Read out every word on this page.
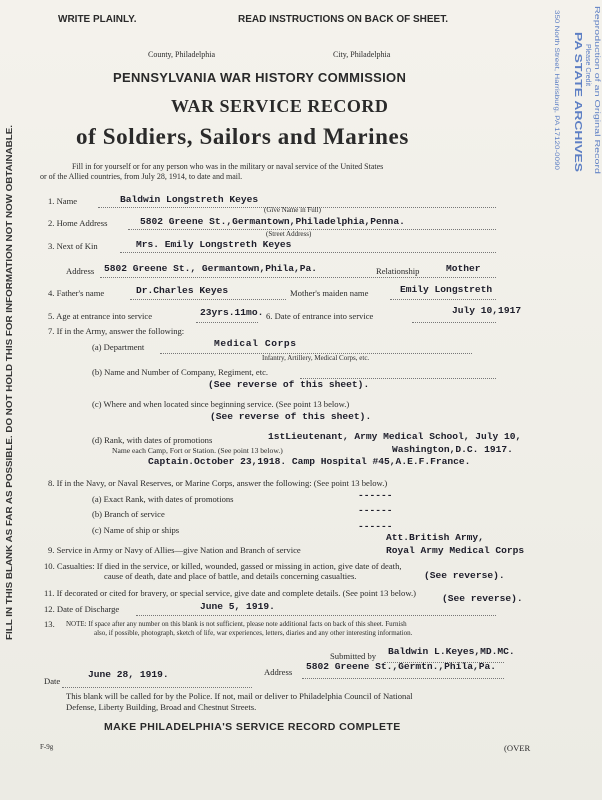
FILL IN THIS BLANK AS FAR AS POSSIBLE. DO NOT HOLD THIS FOR INFORMATION NOT NOW OBTAINABLE.
Reproduction of an Original Record
Please Credit
PA STATE ARCHIVES
350 North Street, Harrisburg, PA 17120-0090
WRITE PLAINLY.	READ INSTRUCTIONS ON BACK OF SHEET.
County, Philadelphia	City, Philadelphia
PENNSYLVANIA WAR HISTORY COMMISSION
WAR SERVICE RECORD
of Soldiers, Sailors and Marines
Fill in for yourself or for any person who was in the military or naval service of the United States
or of the Allied countries, from July 28, 1914, to date and mail.
1. Name	Baldwin Longstreth Keyes
(Give Name in Full)
2. Home Address	5802 Greene St.,Germantown,Philadelphia,Penna.
(Street Address)
3. Next of Kin	Mrs. Emily Longstreth Keyes
Address 5802 Greene St., Germantown,Phila,Pa.	Relationship	Mother
4. Father's name	Dr.Charles Keyes	Mother's maiden name	Emily Longstreth
5. Age at entrance into service	23yrs.11mo. 6. Date of entrance into service	July 10,1917
7. If in the Army, answer the following:
(a) Department	Medical Corps
Infantry, Artillery, Medical Corps, etc.
(b) Name and Number of Company, Regiment, etc.
(See reverse of this sheet).
(c) Where and when located since beginning service. (See point 13 below.)
(See reverse of this sheet).
(d) Rank, with dates of promotions	1stLieutenant, Army Medical School, July 10,
Name each Camp, Fort or Station. (See point 13 below.)	Washington,D.C. 1917.
Captain.October 23,1918. Camp Hospital #45,A.E.F.France.
8. If in the Navy, or Naval Reserves, or Marine Corps, answer the following: (See point 13 below.)
(a) Exact Rank, with dates of promotions	------
(b) Branch of service	------
(c) Name of ship or ships	------
9. Service in Army or Navy of Allies—give Nation and Branch of service
Att.British Army,
Royal Army Medical Corps
10. Casualties: If died in the service, or killed, wounded, gassed or missing in action, give date of death,
cause of death, date and place of battle, and details concerning casualties.	(See reverse).
11. If decorated or cited for bravery, or special service, give date and complete details. (See point 13 below.)	(See reverse).
12. Date of Discharge	June 5, 1919.
13. NOTE: If space after any number on this blank is not sufficient, please note additional facts on back of this sheet. Furnish
also, if possible, photograph, sketch of life, war experiences, letters, diaries and any other interesting information.
Submitted by Baldwin L.Keyes,MD.MC.
Address 5802 Greene St.,Germtn.,Phila,Pa.
Date
June 28, 1919.
This blank will be called for by the Police. If not, mail or deliver to Philadelphia Council of National
Defense, Liberty Building, Broad and Chestnut Streets.
MAKE PHILADELPHIA'S SERVICE RECORD COMPLETE
F-9g	(OVER
